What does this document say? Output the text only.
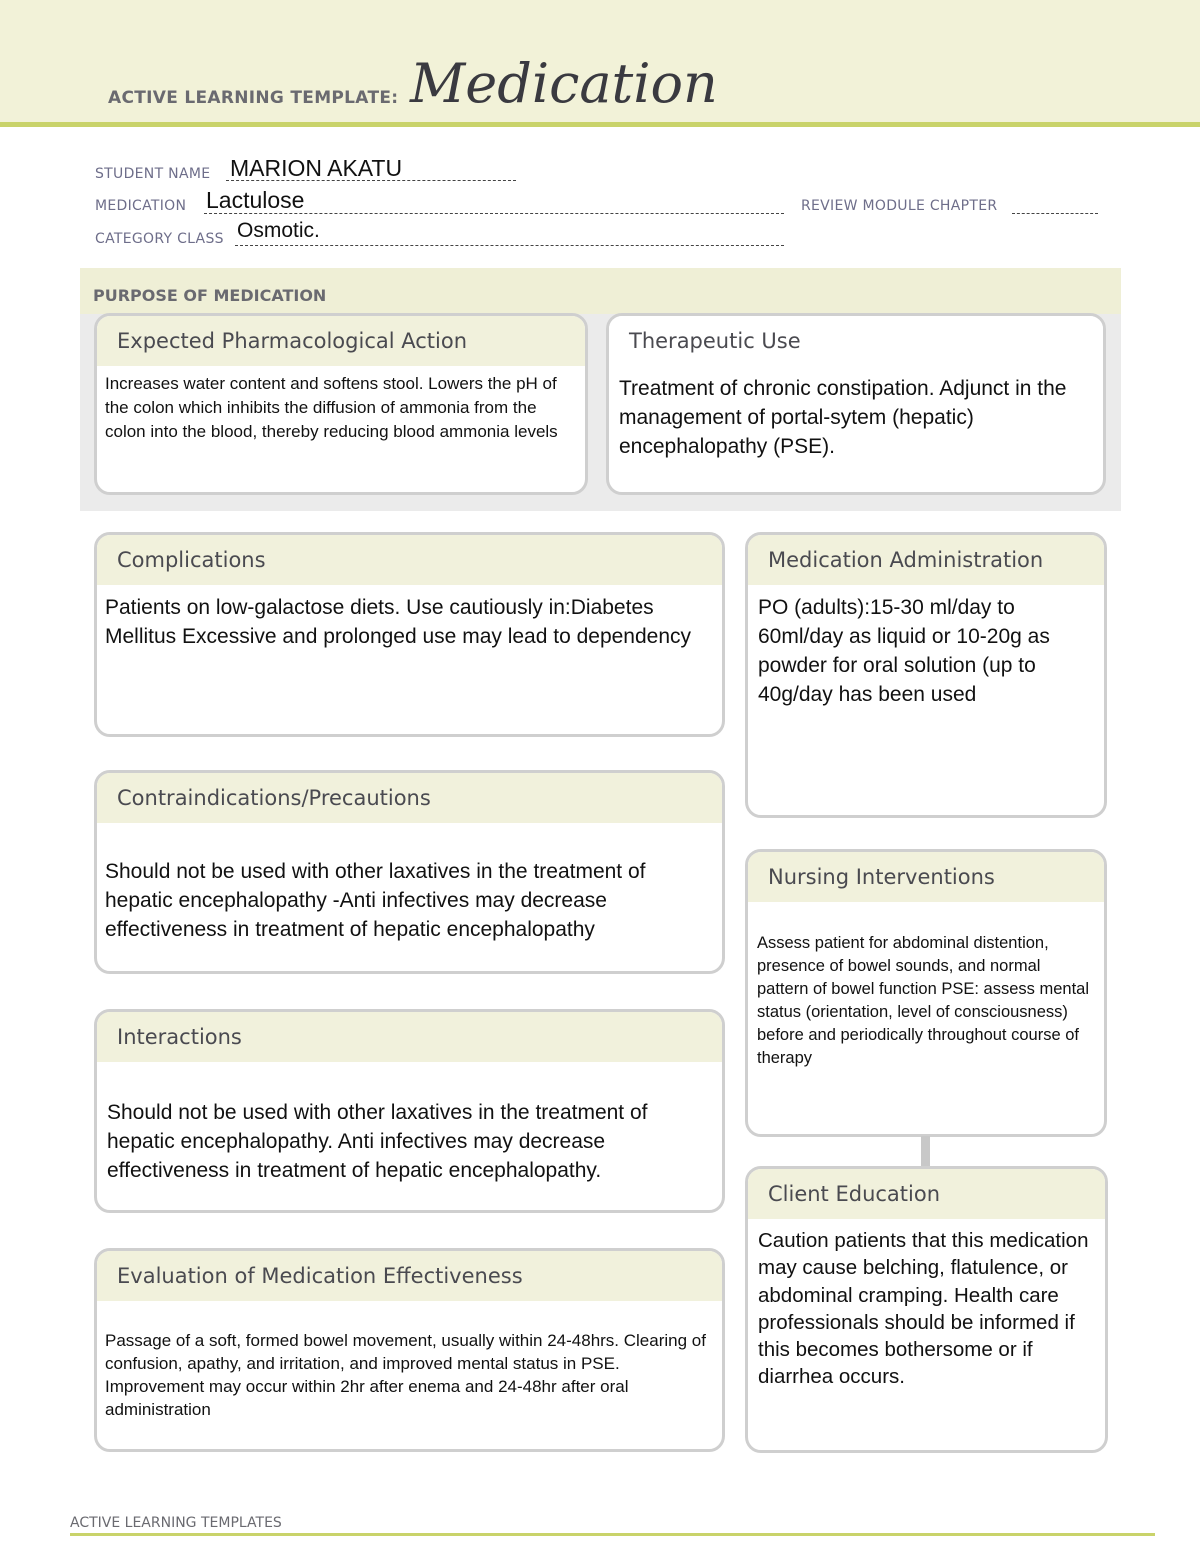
ACTIVE LEARNING TEMPLATE: Medication
STUDENT NAME MARION AKATU
MEDICATION Lactulose	REVIEW MODULE CHAPTER
CATEGORY CLASS Osmotic.
PURPOSE OF MEDICATION
Expected Pharmacological Action
Increases water content and softens stool. Lowers the pH of the colon which inhibits the diffusion of ammonia from the colon into the blood, thereby reducing blood ammonia levels
Therapeutic Use
Treatment of chronic constipation. Adjunct in the management of portal-sytem (hepatic) encephalopathy (PSE).
Complications
Patients on low-galactose diets. Use cautiously in:Diabetes Mellitus Excessive and prolonged use may lead to dependency
Contraindications/Precautions
Should not be used with other laxatives in the treatment of hepatic encephalopathy -Anti infectives may decrease effectiveness in treatment of hepatic encephalopathy
Interactions
Should not be used with other laxatives in the treatment of hepatic encephalopathy. Anti infectives may decrease effectiveness in treatment of hepatic encephalopathy.
Evaluation of Medication Effectiveness
Passage of a soft, formed bowel movement, usually within 24-48hrs. Clearing of confusion, apathy, and irritation, and improved mental status in PSE. Improvement may occur within 2hr after enema and 24-48hr after oral administration
Medication Administration
PO (adults):15-30 ml/day to 60ml/day as liquid or 10-20g as powder for oral solution (up to 40g/day has been used
Nursing Interventions
Assess patient for abdominal distention, presence of bowel sounds, and normal pattern of bowel function PSE: assess mental status (orientation, level of consciousness) before and periodically throughout course of therapy
Client Education
Caution patients that this medication may cause belching, flatulence, or abdominal cramping. Health care professionals should be informed if this becomes bothersome or if diarrhea occurs.
ACTIVE LEARNING TEMPLATES
